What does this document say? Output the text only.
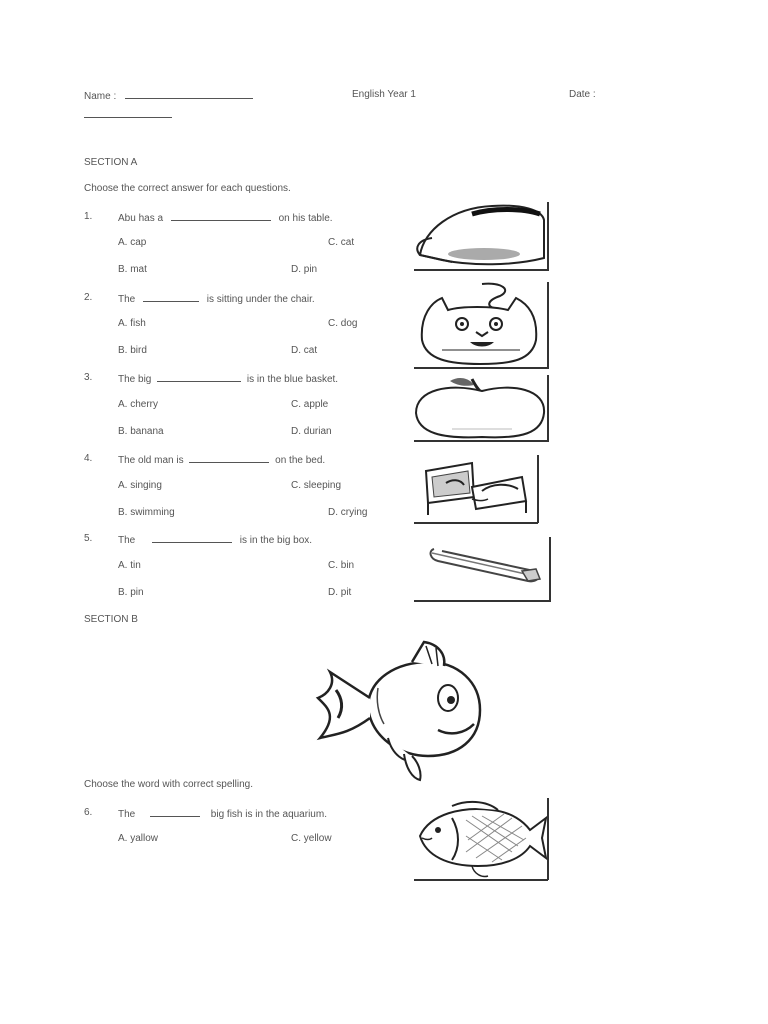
Name :	English Year 1	Date :
SECTION A
Choose the correct answer for each questions.
1.	Abu has a	on his table.
A. cap	C. cat
B. mat	D. pin
2.	The	is sitting under the chair.
A. fish	C. dog
B. bird	D. cat
3.	The big	is in the blue basket.
A. cherry	C. apple
B. banana	D. durian
4.	The old man is	on the bed.
A. singing	C. sleeping
B. swimming	D. crying
5.	The	is in the big box.
A. tin	C. bin
B. pin	D. pit
SECTION B
Choose the word with correct spelling.
6.	The	big fish is in the aquarium.
A. yallow	C. yellow
